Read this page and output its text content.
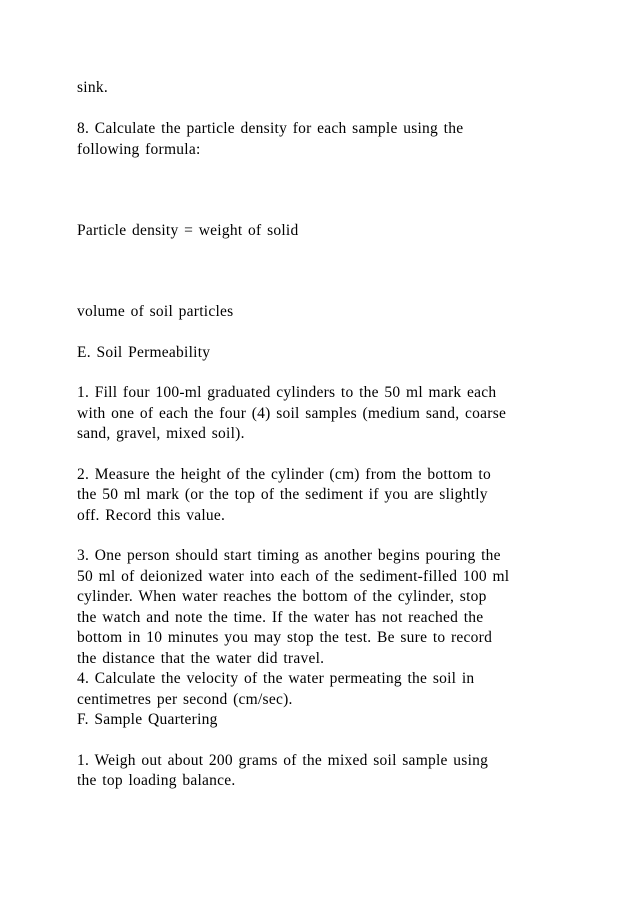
sink.
8. Calculate the particle density for each sample using the
following formula:
Particle density = weight of solid
volume of soil particles
E. Soil Permeability
1. Fill four 100-ml graduated cylinders to the 50 ml mark each
with one of each the four (4) soil samples (medium sand, coarse
sand, gravel, mixed soil).
2. Measure the height of the cylinder (cm) from the bottom to
the 50 ml mark (or the top of the sediment if you are slightly
off. Record this value.
3. One person should start timing as another begins pouring the
50 ml of deionized water into each of the sediment-filled 100 ml
cylinder. When water reaches the bottom of the cylinder, stop
the watch and note the time. If the water has not reached the
bottom in 10 minutes you may stop the test. Be sure to record
the distance that the water did travel.
4. Calculate the velocity of the water permeating the soil in
centimetres per second (cm/sec).
F. Sample Quartering
1. Weigh out about 200 grams of the mixed soil sample using
the top loading balance.
